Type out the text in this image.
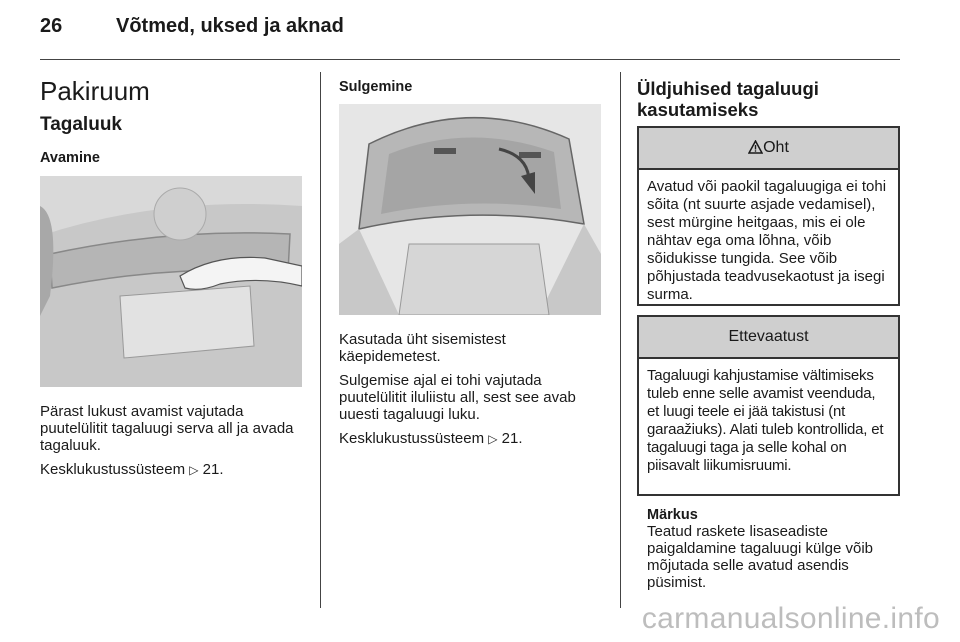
26	Võtmed, uksed ja aknad
Pakiruum
Tagaluuk
Avamine

Pärast lukust avamist vajutada puutelülitit tagaluugi serva all ja avada tagaluuk.

Kesklukustussüsteem ▷ 21.

Sulgemine

Kasutada üht sisemistest käepidemetest.

Sulgemise ajal ei tohi vajutada puutelülitit iluliistu all, sest see avab uuesti tagaluugi luku.

Kesklukustussüsteem ▷ 21.

Üldjuhised tagaluugi kasutamiseks
Oht
Avatud või paokil tagaluugiga ei tohi sõita (nt suurte asjade vedamisel), sest mürgine heitgaas, mis ei ole nähtav ega oma lõhna, võib sõidukisse tungida. See võib põhjustada teadvusekaotust ja isegi surma.
Ettevaatust
Tagaluugi kahjustamise vältimiseks tuleb enne selle avamist veenduda, et luugi teele ei jää takistusi (nt garaažiuks). Alati tuleb kontrollida, et tagaluugi taga ja selle kohal on piisavalt liikumisruumi.
Märkus
Teatud raskete lisaseadiste paigaldamine tagaluugi külge võib mõjutada selle avatud asendis püsimist.
carmanualsonline.info
